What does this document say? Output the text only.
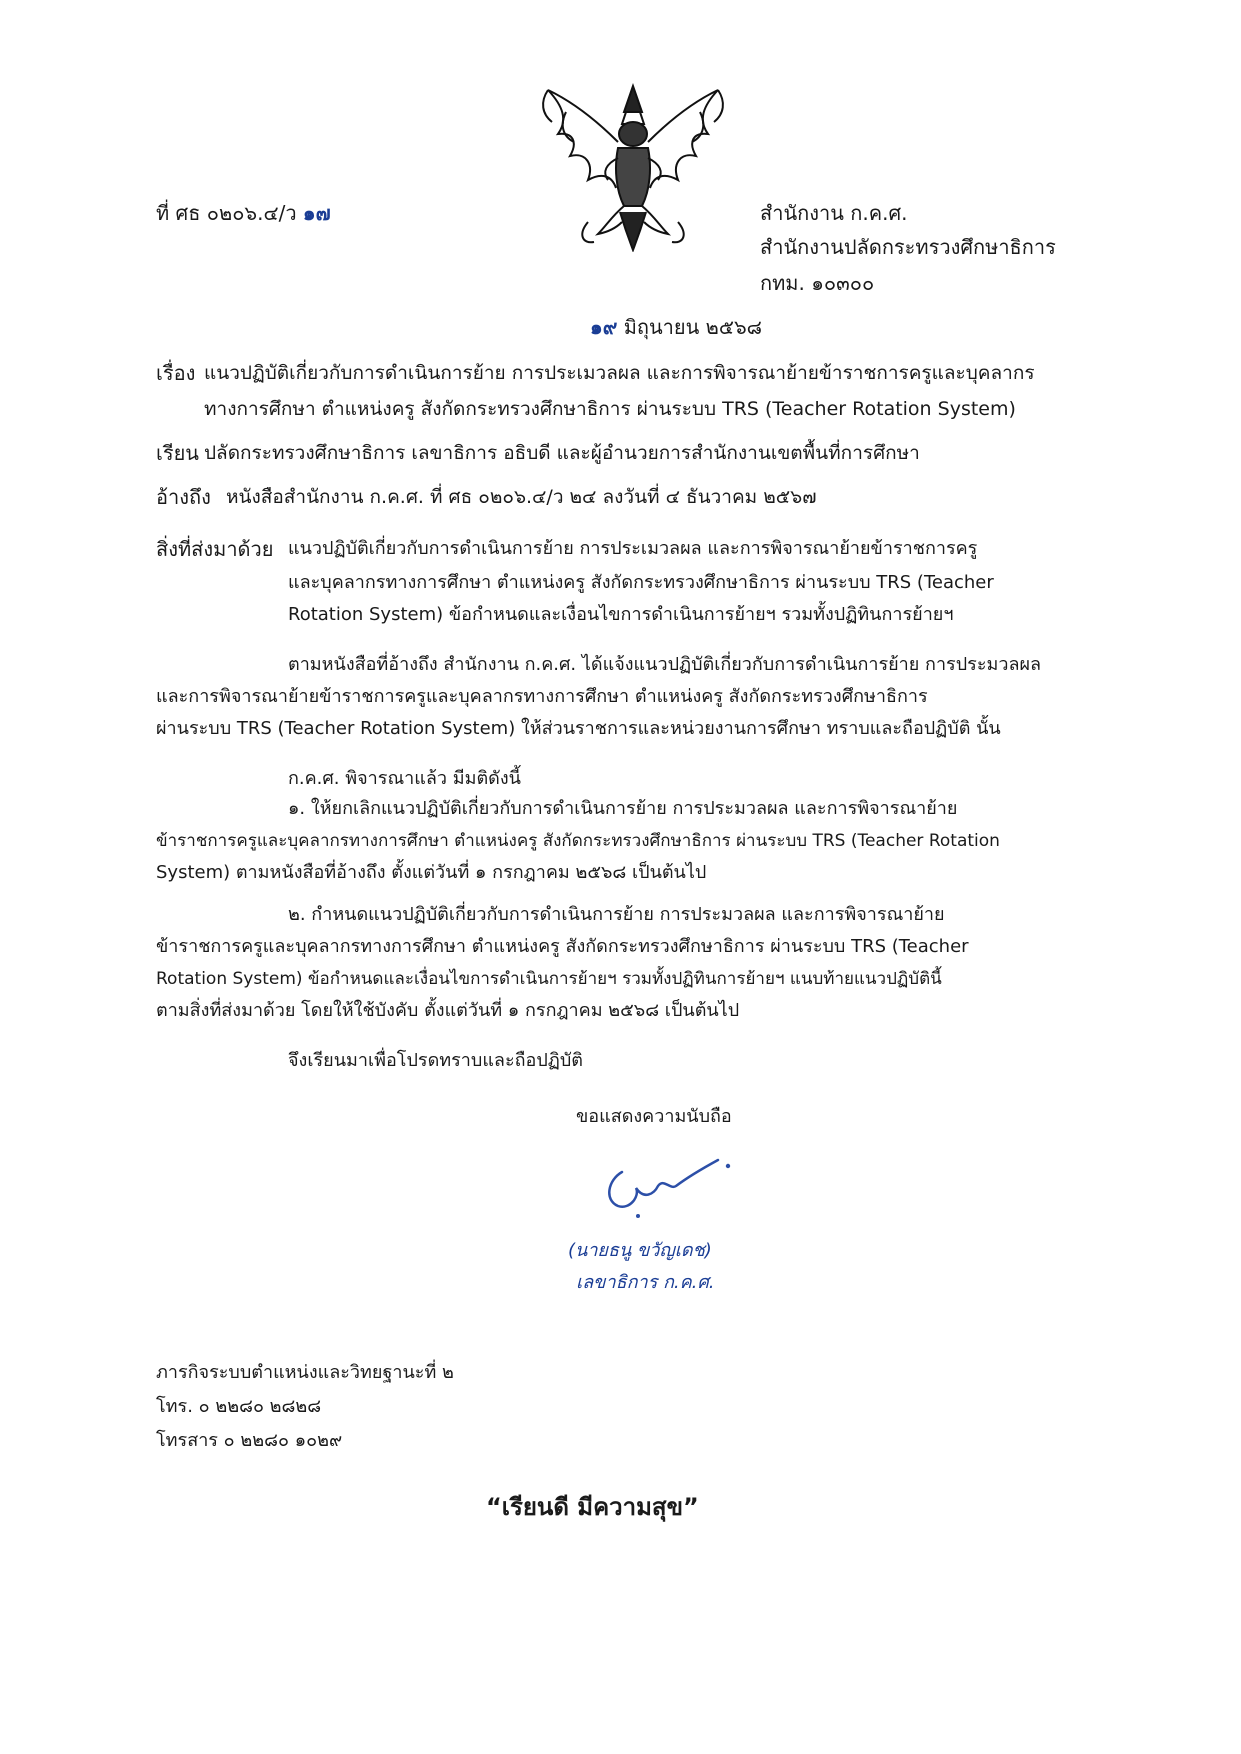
ที่ ศธ ๐๒๐๖.๔/ว ๑๗	สำนักงาน ก.ค.ศ.
สำนักงานปลัดกระทรวงศึกษาธิการ
กทม. ๑๐๓๐๐
๑๙ มิถุนายน ๒๕๖๘
เรื่อง แนวปฏิบัติเกี่ยวกับการดำเนินการย้าย การประเมวลผล และการพิจารณาย้ายข้าราชการครูและบุคลากร
ทางการศึกษา ตำแหน่งครู สังกัดกระทรวงศึกษาธิการ ผ่านระบบ TRS (Teacher Rotation System)
เรียน ปลัดกระทรวงศึกษาธิการ เลขาธิการ อธิบดี และผู้อำนวยการสำนักงานเขตพื้นที่การศึกษา
อ้างถึง หนังสือสำนักงาน ก.ค.ศ. ที่ ศธ ๐๒๐๖.๔/ว ๒๔ ลงวันที่ ๔ ธันวาคม ๒๕๖๗
สิ่งที่ส่งมาด้วย แนวปฏิบัติเกี่ยวกับการดำเนินการย้าย การประเมวลผล และการพิจารณาย้ายข้าราชการครู
และบุคลากรทางการศึกษา ตำแหน่งครู สังกัดกระทรวงศึกษาธิการ ผ่านระบบ TRS (Teacher
Rotation System) ข้อกำหนดและเงื่อนไขการดำเนินการย้ายฯ รวมทั้งปฏิทินการย้ายฯ
ตามหนังสือที่อ้างถึง สำนักงาน ก.ค.ศ. ได้แจ้งแนวปฏิบัติเกี่ยวกับการดำเนินการย้าย การประมวลผล
และการพิจารณาย้ายข้าราชการครูและบุคลากรทางการศึกษา ตำแหน่งครู สังกัดกระทรวงศึกษาธิการ
ผ่านระบบ TRS (Teacher Rotation System) ให้ส่วนราชการและหน่วยงานการศึกษา ทราบและถือปฏิบัติ นั้น
ก.ค.ศ. พิจารณาแล้ว มีมติดังนี้
๑. ให้ยกเลิกแนวปฏิบัติเกี่ยวกับการดำเนินการย้าย การประมวลผล และการพิจารณาย้าย
ข้าราชการครูและบุคลากรทางการศึกษา ตำแหน่งครู สังกัดกระทรวงศึกษาธิการ ผ่านระบบ TRS (Teacher Rotation
System) ตามหนังสือที่อ้างถึง ตั้งแต่วันที่ ๑ กรกฎาคม ๒๕๖๘ เป็นต้นไป
๒. กำหนดแนวปฏิบัติเกี่ยวกับการดำเนินการย้าย การประมวลผล และการพิจารณาย้าย
ข้าราชการครูและบุคลากรทางการศึกษา ตำแหน่งครู สังกัดกระทรวงศึกษาธิการ ผ่านระบบ TRS (Teacher
Rotation System) ข้อกำหนดและเงื่อนไขการดำเนินการย้ายฯ รวมทั้งปฏิทินการย้ายฯ แนบท้ายแนวปฏิบัตินี้
ตามสิ่งที่ส่งมาด้วย โดยให้ใช้บังคับ ตั้งแต่วันที่ ๑ กรกฎาคม ๒๕๖๘ เป็นต้นไป
จึงเรียนมาเพื่อโปรดทราบและถือปฏิบัติ
ขอแสดงความนับถือ
(นายธนู ขวัญเดช)
เลขาธิการ ก.ค.ศ.
ภารกิจระบบตำแหน่งและวิทยฐานะที่ ๒
โทร. ๐ ๒๒๘๐ ๒๘๒๘
โทรสาร ๐ ๒๒๘๐ ๑๐๒๙
“เรียนดี มีความสุข”
